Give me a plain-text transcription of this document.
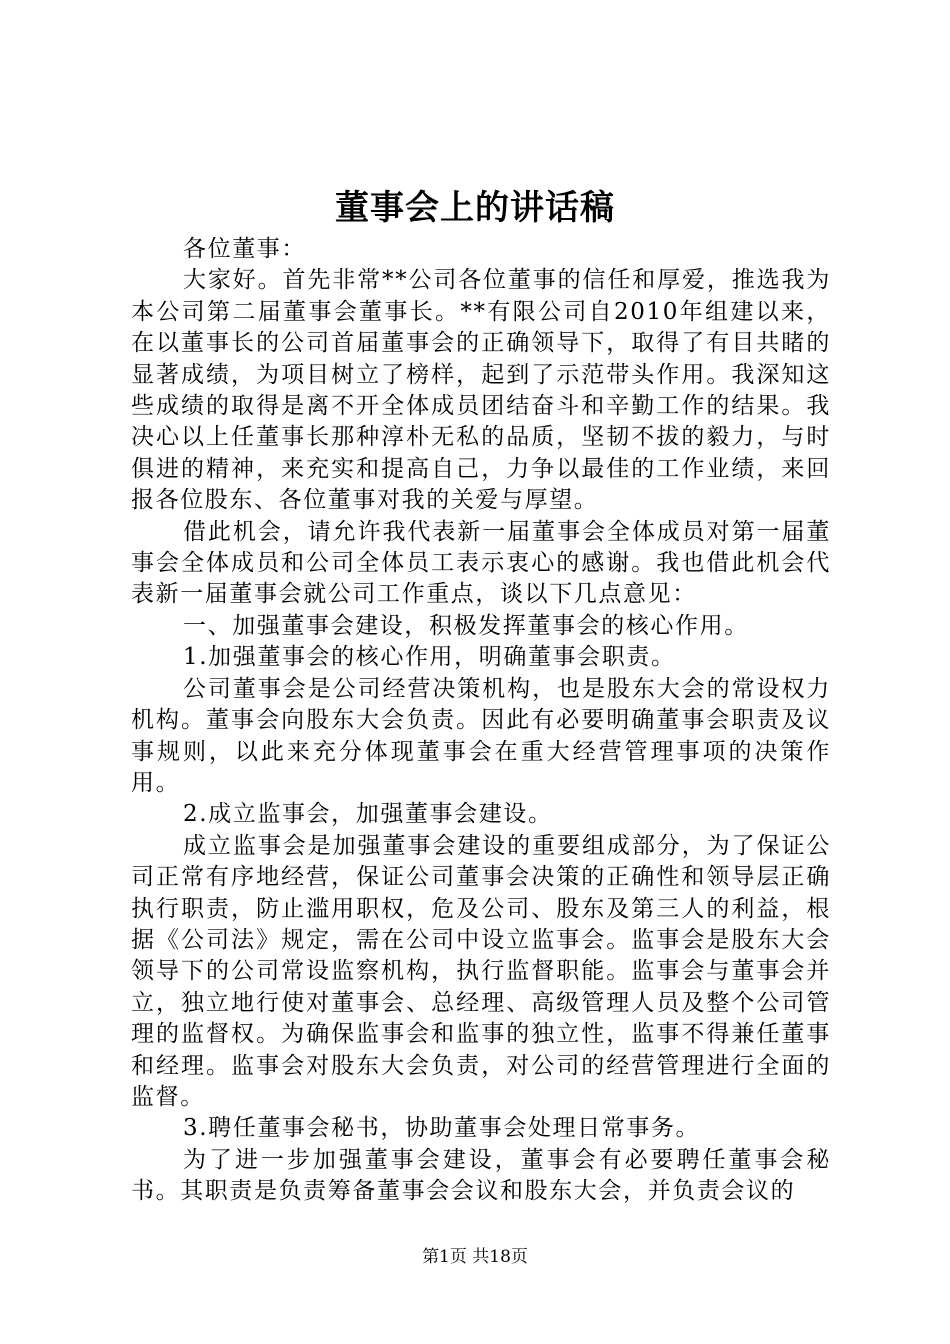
董事会上的讲话稿

各位董事：

大家好。首先非常**公司各位董事的信任和厚爱，推选我为本公司第二届董事会董事长。**有限公司自2010年组建以来，在以董事长的公司首届董事会的正确领导下，取得了有目共睹的显著成绩，为项目树立了榜样，起到了示范带头作用。我深知这些成绩的取得是离不开全体成员团结奋斗和辛勤工作的结果。我决心以上任董事长那种淳朴无私的品质，坚韧不拔的毅力，与时俱进的精神，来充实和提高自己，力争以最佳的工作业绩，来回报各位股东、各位董事对我的关爱与厚望。

借此机会，请允许我代表新一届董事会全体成员对第一届董事会全体成员和公司全体员工表示衷心的感谢。我也借此机会代表新一届董事会就公司工作重点，谈以下几点意见：

一、加强董事会建设，积极发挥董事会的核心作用。

1.加强董事会的核心作用，明确董事会职责。

公司董事会是公司经营决策机构，也是股东大会的常设权力机构。董事会向股东大会负责。因此有必要明确董事会职责及议事规则，以此来充分体现董事会在重大经营管理事项的决策作用。

2.成立监事会，加强董事会建设。

成立监事会是加强董事会建设的重要组成部分，为了保证公司正常有序地经营，保证公司董事会决策的正确性和领导层正确执行职责，防止滥用职权，危及公司、股东及第三人的利益，根据《公司法》规定，需在公司中设立监事会。监事会是股东大会领导下的公司常设监察机构，执行监督职能。监事会与董事会并立，独立地行使对董事会、总经理、高级管理人员及整个公司管理的监督权。为确保监事会和监事的独立性，监事不得兼任董事和经理。监事会对股东大会负责，对公司的经营管理进行全面的监督。

3.聘任董事会秘书，协助董事会处理日常事务。

为了进一步加强董事会建设，董事会有必要聘任董事会秘书。其职责是负责筹备董事会会议和股东大会，并负责会议的

第1页 共18页
